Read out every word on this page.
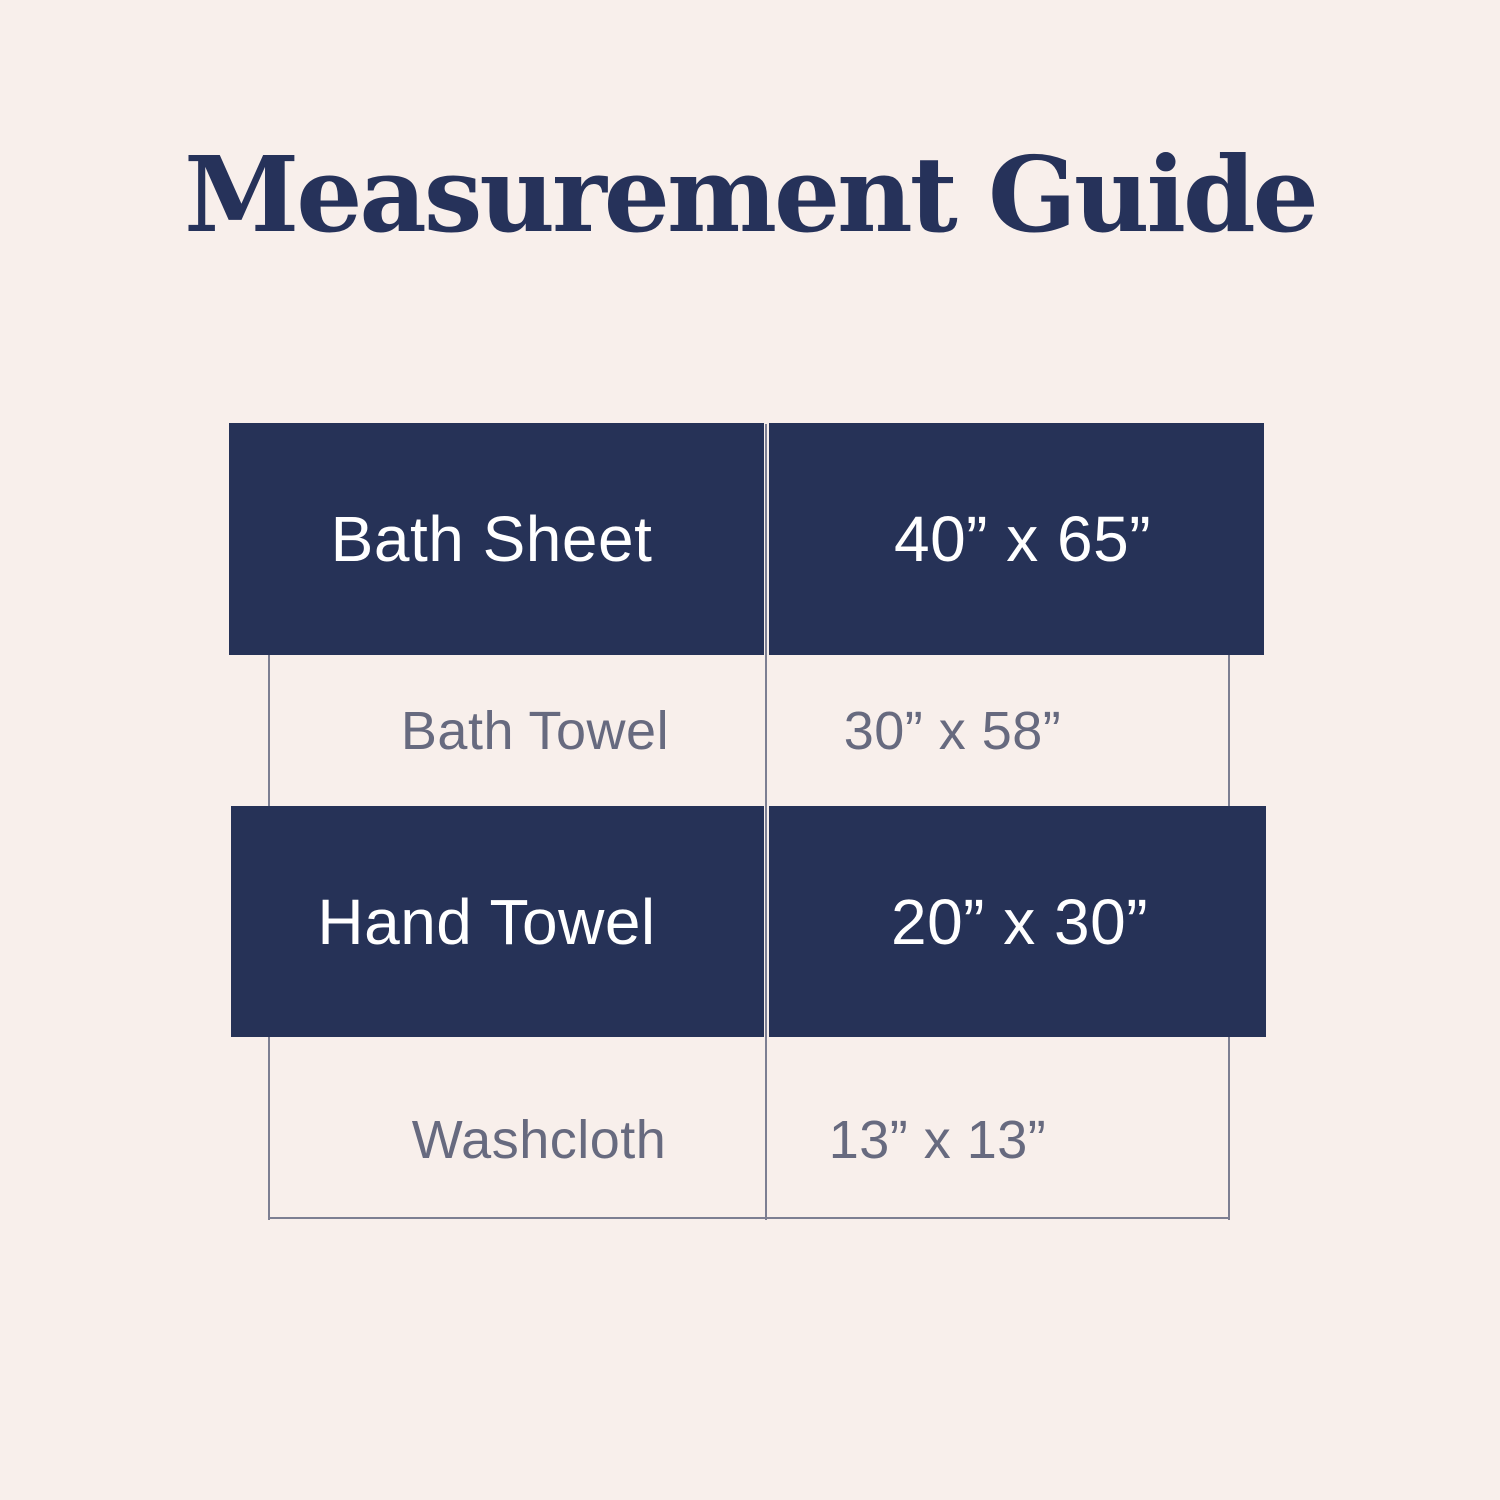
Measurement Guide
Bath Sheet	40” x 65”
Bath Towel	30” x 58”
Hand Towel	20” x 30”
Washcloth	13” x 13”
